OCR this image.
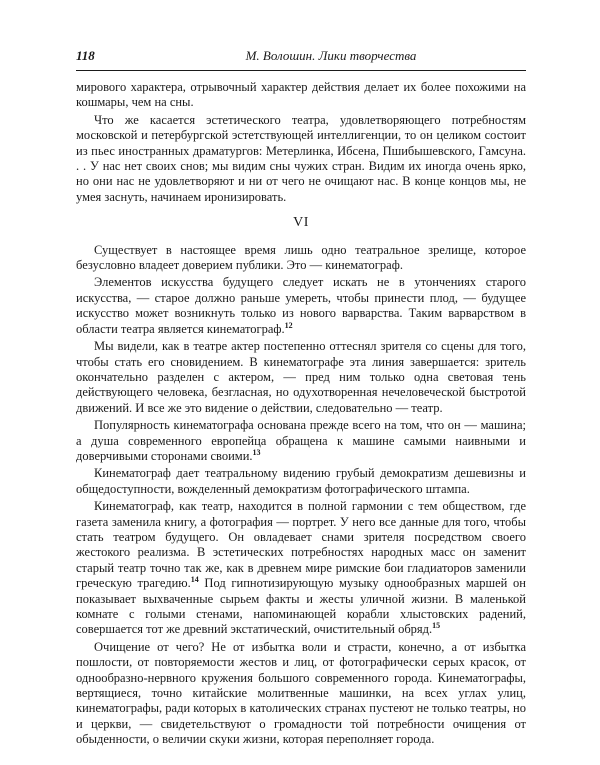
118	М. Волошин. Лики творчества

мирового характера, отрывочный характер действия делает их более похожими на кошмары, чем на сны.

Что же касается эстетического театра, удовлетворяющего потребностям московской и петербургской эстетствующей интеллигенции, то он целиком состоит из пьес иностранных драматургов: Метерлинка, Ибсена, Пшибышевского, Гамсуна. . . У нас нет своих снов; мы видим сны чужих стран. Видим их иногда очень ярко, но они нас не удовлетворяют и ни от чего не очищают нас. В конце концов мы, не умея заснуть, начинаем иронизировать.

VI

Существует в настоящее время лишь одно театральное зрелище, которое безусловно владеет доверием публики. Это — кинематограф.

Элементов искусства будущего следует искать не в утончениях старого искусства, — старое должно раньше умереть, чтобы принести плод, — будущее искусство может возникнуть только из нового варварства. Таким варварством в области театра является кинематограф.$^{12}$

Мы видели, как в театре актер постепенно оттеснял зрителя со сцены для того, чтобы стать его сновидением. В кинематографе эта линия завершается: зритель окончательно разделен с актером, — пред ним только одна световая тень действующего человека, безгласная, но одухотворенная нечеловеческой быстротой движений. И все же это видение о действии, следовательно — театр.

Популярность кинематографа основана прежде всего на том, что он — машина; а душа современного европейца обращена к машине самыми наивными и доверчивыми сторонами своими.$^{13}$

Кинематограф дает театральному видению грубый демократизм дешевизны и общедоступности, вожделенный демократизм фотографического штампа.

Кинематограф, как театр, находится в полной гармонии с тем обществом, где газета заменила книгу, а фотография — портрет. У него все данные для того, чтобы стать театром будущего. Он овладевает снами зрителя посредством своего жестокого реализма. В эстетических потребностях народных масс он заменит старый театр точно так же, как в древнем мире римские бои гладиаторов заменили греческую трагедию.$^{14}$ Под гипнотизирующую музыку однообразных маршей он показывает выхваченные сырьем факты и жесты уличной жизни. В маленькой комнате с голыми стенами, напоминающей корабли хлыстовских радений, совершается тот же древний экстатический, очистительный обряд.$^{15}$

Очищение от чего? Не от избытка воли и страсти, конечно, а от избытка пошлости, от повторяемости жестов и лиц, от фотографически серых красок, от однообразно-нервного кружения большого современного города. Кинематографы, вертящиеся, точно китайские молитвенные машинки, на всех углах улиц, кинематографы, ради которых в католических странах пустеют не только театры, но и церкви, — свидетельствуют о громадности той потребности очищения от обыденности, о величии скуки жизни, которая переполняет города.
